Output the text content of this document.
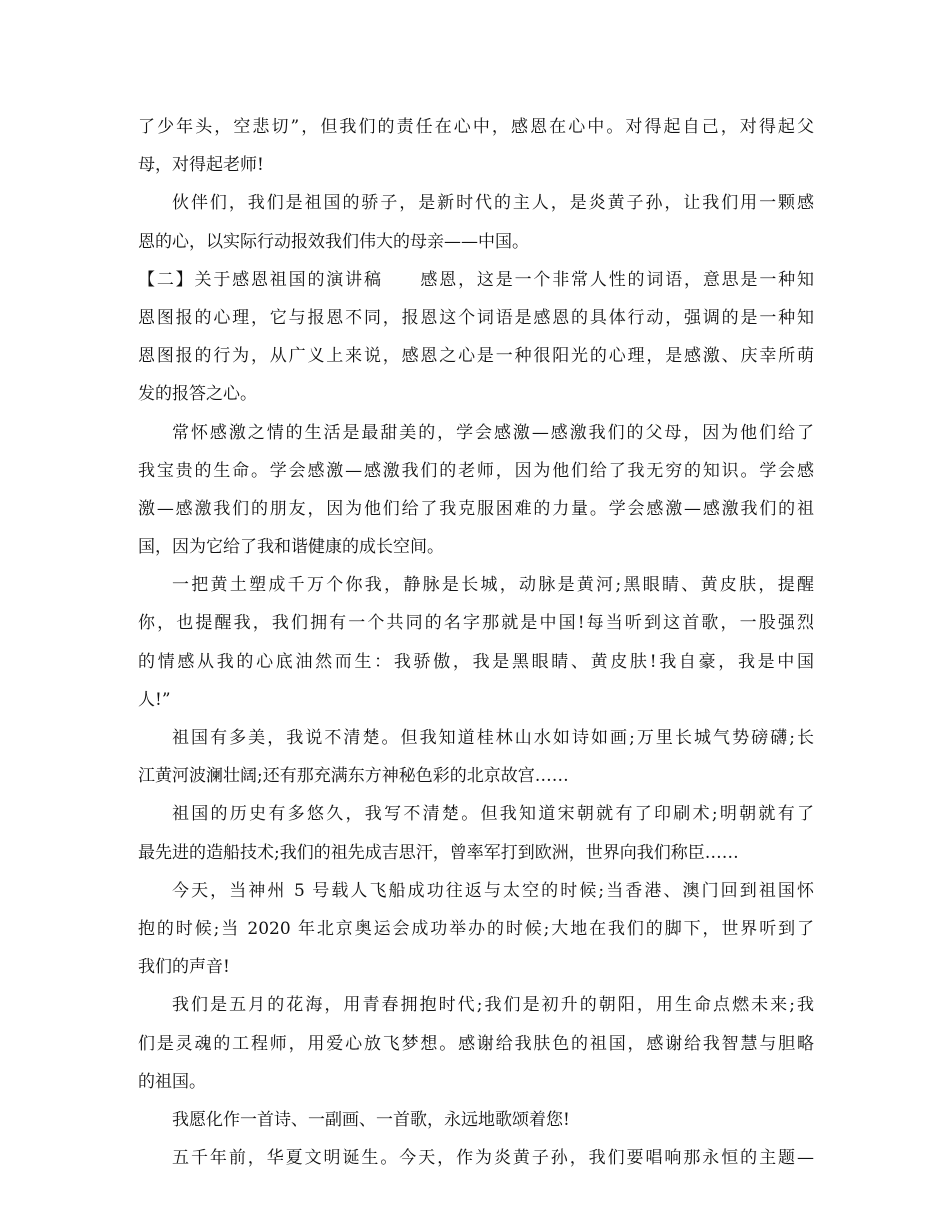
了少年头，空悲切”，但我们的责任在心中，感恩在心中。对得起自己，对得起父
母，对得起老师!
伙伴们，我们是祖国的骄子，是新时代的主人，是炎黄子孙，让我们用一颗感
恩的心，以实际行动报效我们伟大的母亲——中国。
【二】关于感恩祖国的演讲稿　　感恩，这是一个非常人性的词语，意思是一种知
恩图报的心理，它与报恩不同，报恩这个词语是感恩的具体行动，强调的是一种知
恩图报的行为，从广义上来说，感恩之心是一种很阳光的心理，是感激、庆幸所萌
发的报答之心。
常怀感激之情的生活是最甜美的，学会感激—感激我们的父母，因为他们给了
我宝贵的生命。学会感激—感激我们的老师，因为他们给了我无穷的知识。学会感
激—感激我们的朋友，因为他们给了我克服困难的力量。学会感激—感激我们的祖
国，因为它给了我和谐健康的成长空间。
一把黄土塑成千万个你我，静脉是长城，动脉是黄河;黑眼睛、黄皮肤，提醒
你，也提醒我，我们拥有一个共同的名字那就是中国!每当听到这首歌，一股强烈
的情感从我的心底油然而生：我骄傲，我是黑眼睛、黄皮肤!我自豪，我是中国
人!”
祖国有多美，我说不清楚。但我知道桂林山水如诗如画;万里长城气势磅礴;长
江黄河波澜壮阔;还有那充满东方神秘色彩的北京故宫……
祖国的历史有多悠久，我写不清楚。但我知道宋朝就有了印刷术;明朝就有了
最先进的造船技术;我们的祖先成吉思汗，曾率军打到欧洲，世界向我们称臣……
今天，当神州 5 号载人飞船成功往返与太空的时候;当香港、澳门回到祖国怀
抱的时候;当 2020 年北京奥运会成功举办的时候;大地在我们的脚下，世界听到了
我们的声音!
我们是五月的花海，用青春拥抱时代;我们是初升的朝阳，用生命点燃未来;我
们是灵魂的工程师，用爱心放飞梦想。感谢给我肤色的祖国，感谢给我智慧与胆略
的祖国。
我愿化作一首诗、一副画、一首歌，永远地歌颂着您!
五千年前，华夏文明诞生。今天，作为炎黄子孙，我们要唱响那永恒的主题—
